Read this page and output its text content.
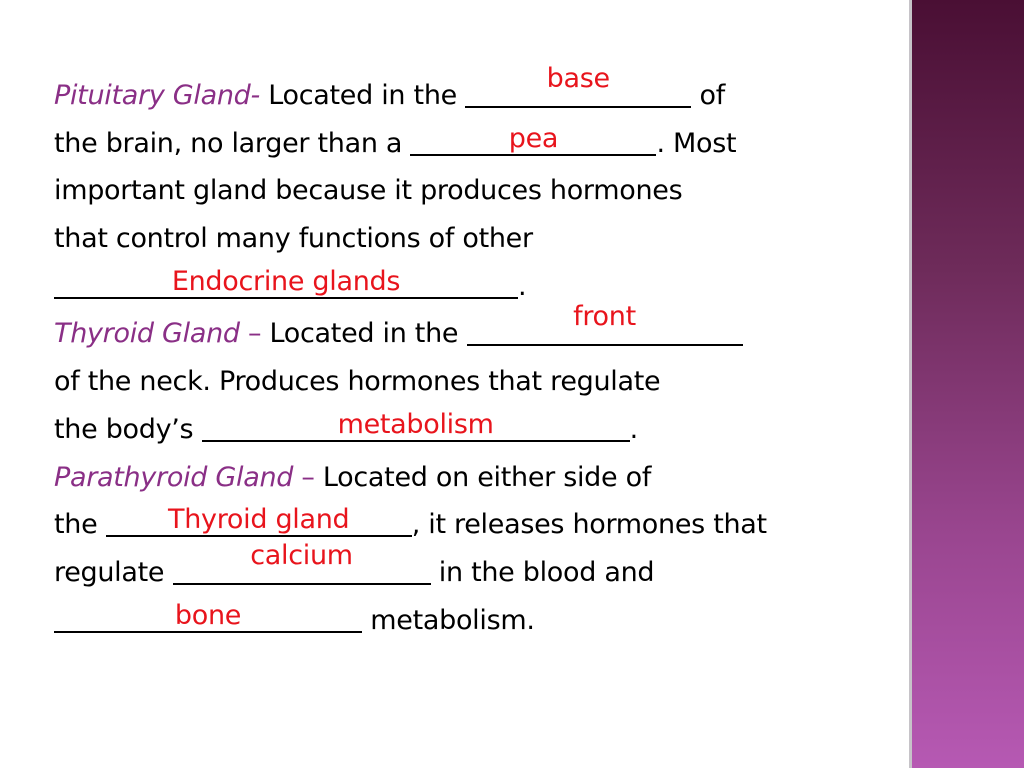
Pituitary Gland- Located in the
base
of
the brain, no larger than a	pea	. Most
important gland because it produces hormones
that control many functions of other
Endocrine glands	.
Thyroid Gland – Located in the
front
of the neck. Produces hormones that regulate
the body’s	metabolism	.
Parathyroid Gland – Located on either side of
the	Thyroid gland	, it releases hormones that
regulate
calcium
in the blood and
bone	metabolism.
